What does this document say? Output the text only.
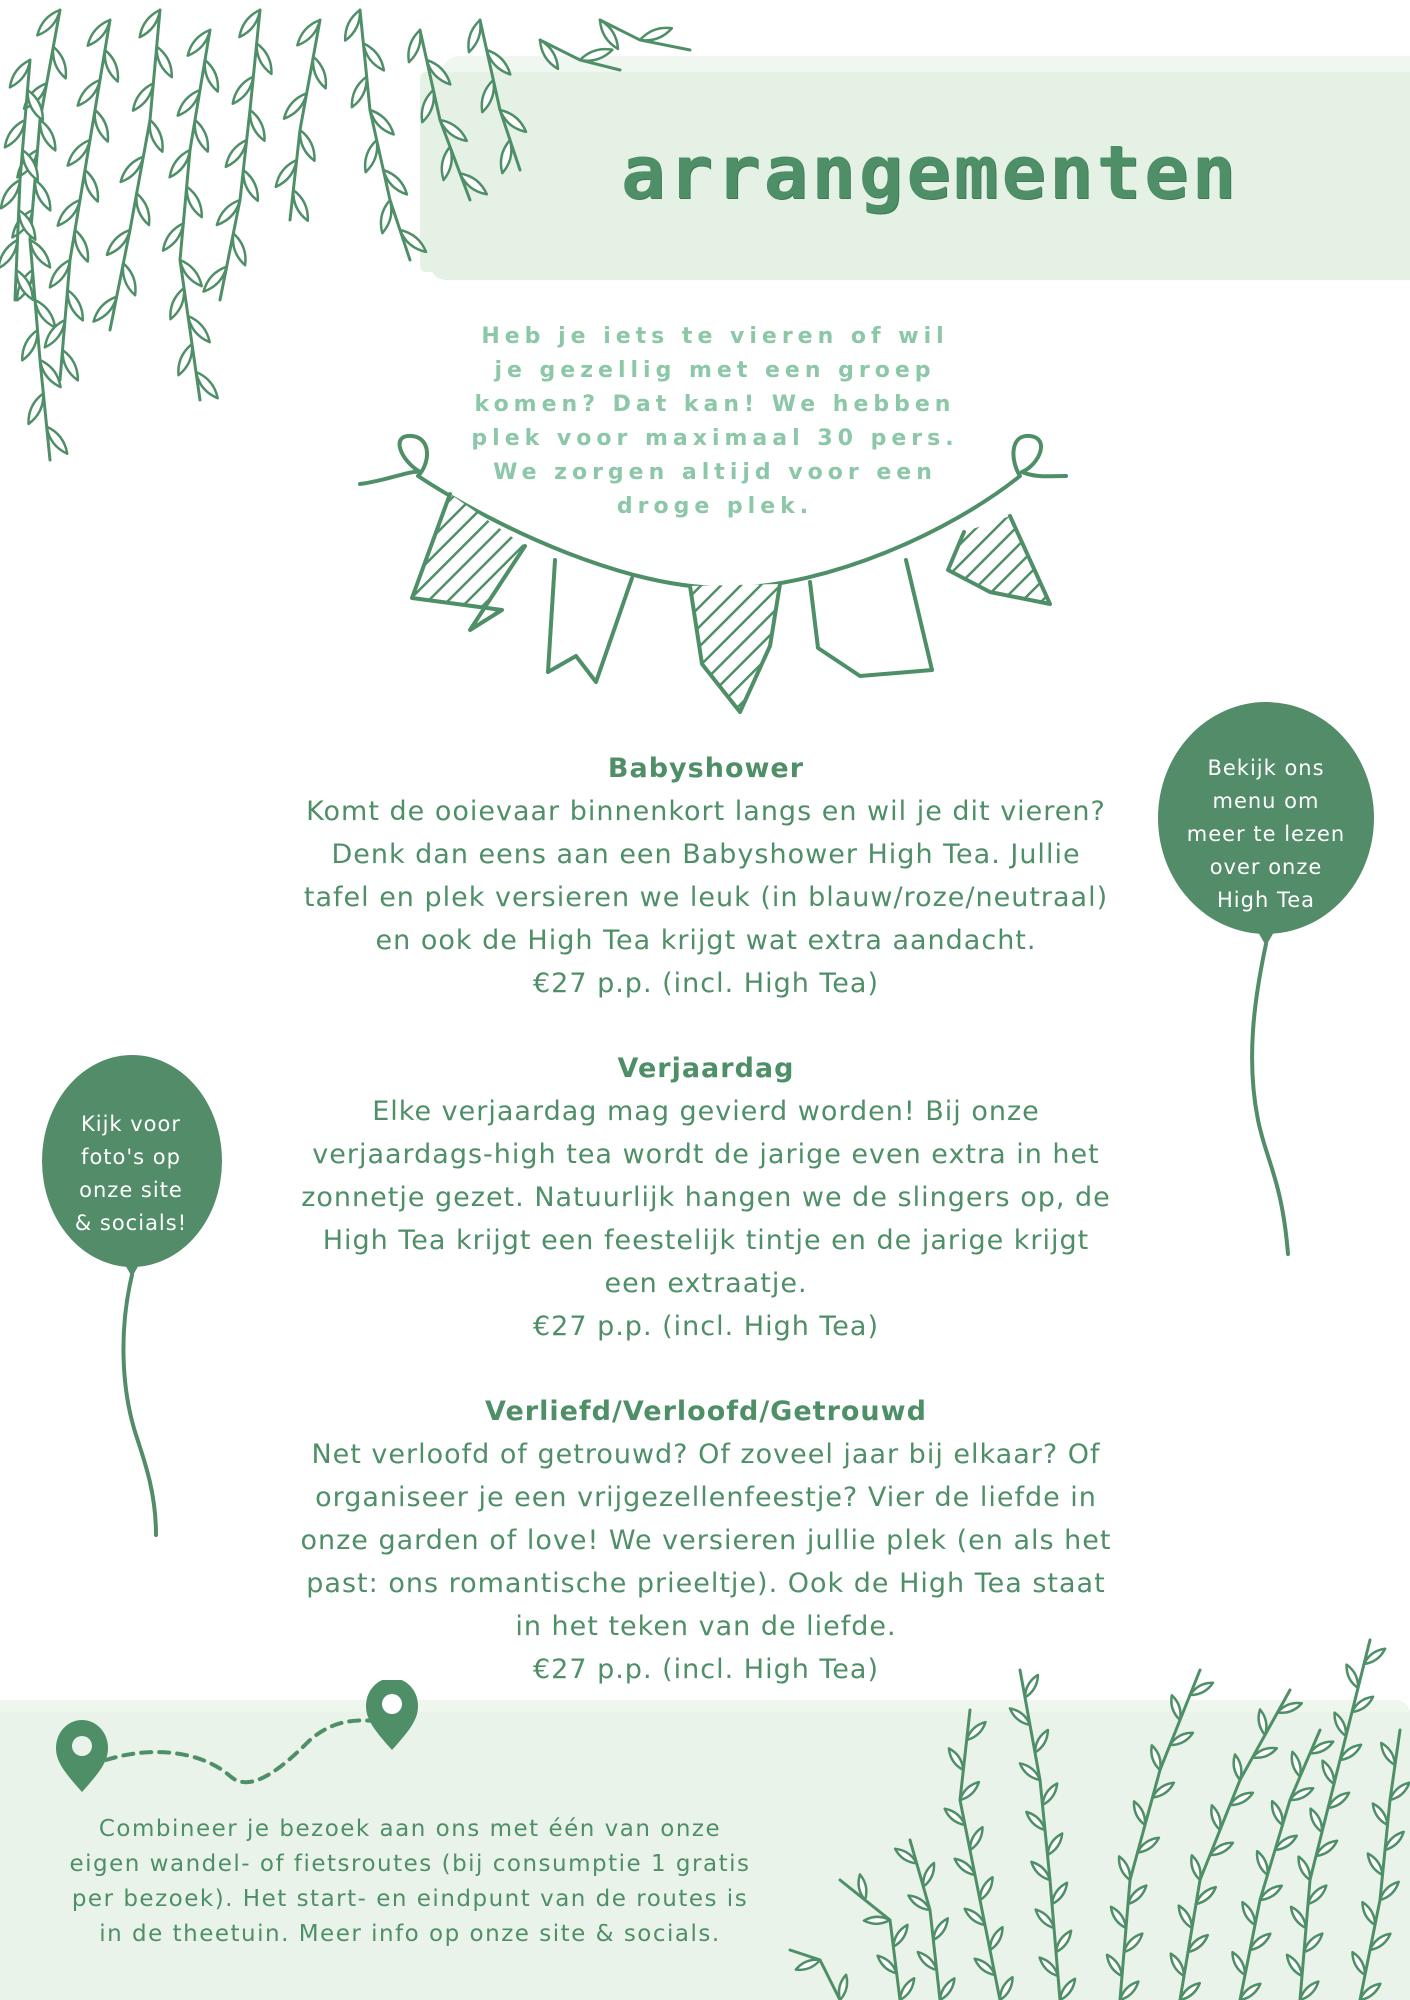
arrangementen
Heb je iets te vieren of wil
je gezellig met een groep
komen? Dat kan! We hebben
plek voor maximaal 30 pers.
We zorgen altijd voor een
droge plek.
Babyshower

Komt de ooievaar binnenkort langs en wil je dit vieren?

Denk dan eens aan een Babyshower High Tea. Jullie

tafel en plek versieren we leuk (in blauw/roze/neutraal)

en ook de High Tea krijgt wat extra aandacht.

€27 p.p. (incl. High Tea)

Verjaardag

Elke verjaardag mag gevierd worden! Bij onze

verjaardags-high tea wordt de jarige even extra in het

zonnetje gezet. Natuurlijk hangen we de slingers op, de

High Tea krijgt een feestelijk tintje en de jarige krijgt

een extraatje.

€27 p.p. (incl. High Tea)

Verliefd/Verloofd/Getrouwd

Net verloofd of getrouwd? Of zoveel jaar bij elkaar? Of

organiseer je een vrijgezellenfeestje? Vier de liefde in

onze garden of love! We versieren jullie plek (en als het

past: ons romantische prieeltje). Ook de High Tea staat

in het teken van de liefde.

€27 p.p. (incl. High Tea)

Bekijk ons
menu om
meer te lezen
over onze
High Tea
Kijk voor
foto's op
onze site
& socials!
Combineer je bezoek aan ons met één van onze
eigen wandel- of fietsroutes (bij consumptie 1 gratis
per bezoek). Het start- en eindpunt van de routes is
in de theetuin. Meer info op onze site & socials.
